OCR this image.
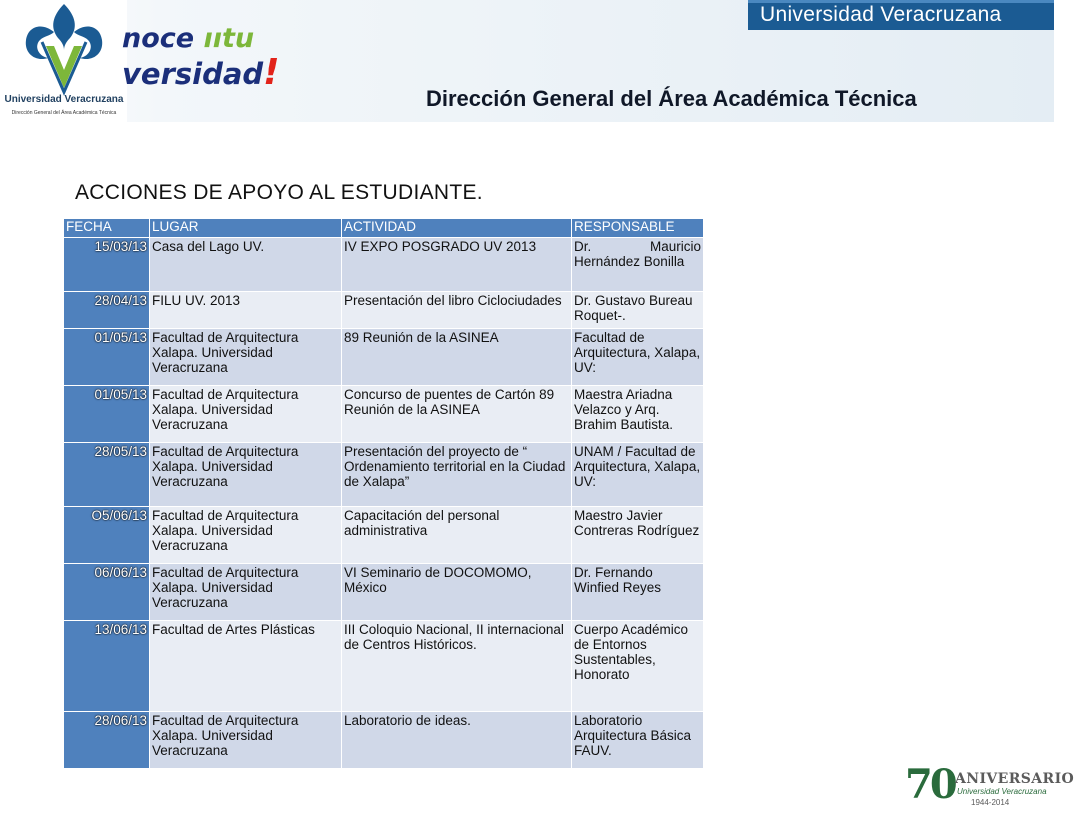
Universidad Veracruzana
Dirección General del Área Académica Técnica
noce ııtu
versidad!
Universidad Veracruzana
Dirección General del Área Académica Técnica
ACCIONES DE APOYO AL ESTUDIANTE.
FECHA	LUGAR	ACTIVIDAD	RESPONSABLE
15/03/13	Casa del Lago UV.	IV EXPO POSGRADO UV 2013	Dr. Mauricio Hernández Bonilla
28/04/13	FILU UV. 2013	Presentación del libro Ciclociudades	Dr. Gustavo Bureau Roquet-.
01/05/13	Facultad de Arquitectura Xalapa. Universidad Veracruzana	89 Reunión de la ASINEA	Facultad de Arquitectura, Xalapa, UV:
01/05/13	Facultad de Arquitectura Xalapa. Universidad Veracruzana	Concurso de puentes de Cartón 89 Reunión de la ASINEA	Maestra Ariadna Velazco y Arq. Brahim Bautista.
28/05/13	Facultad de Arquitectura Xalapa. Universidad Veracruzana	Presentación del proyecto de “ Ordenamiento territorial en la Ciudad de Xalapa”	UNAM / Facultad de Arquitectura, Xalapa, UV:
O5/06/13	Facultad de Arquitectura Xalapa. Universidad Veracruzana	Capacitación del personal administrativa	Maestro Javier Contreras Rodríguez
06/06/13	Facultad de Arquitectura Xalapa. Universidad Veracruzana	VI Seminario de DOCOMOMO, México	Dr. Fernando Winfied Reyes
13/06/13	Facultad de Artes Plásticas	III Coloquio Nacional, II internacional de Centros Históricos.	Cuerpo Académico de Entornos Sustentables, Honorato
28/06/13	Facultad de Arquitectura Xalapa. Universidad Veracruzana	Laboratorio de ideas.	Laboratorio Arquitectura Básica FAUV.
70 ANIVERSARIO
Universidad Veracruzana
1944-2014
